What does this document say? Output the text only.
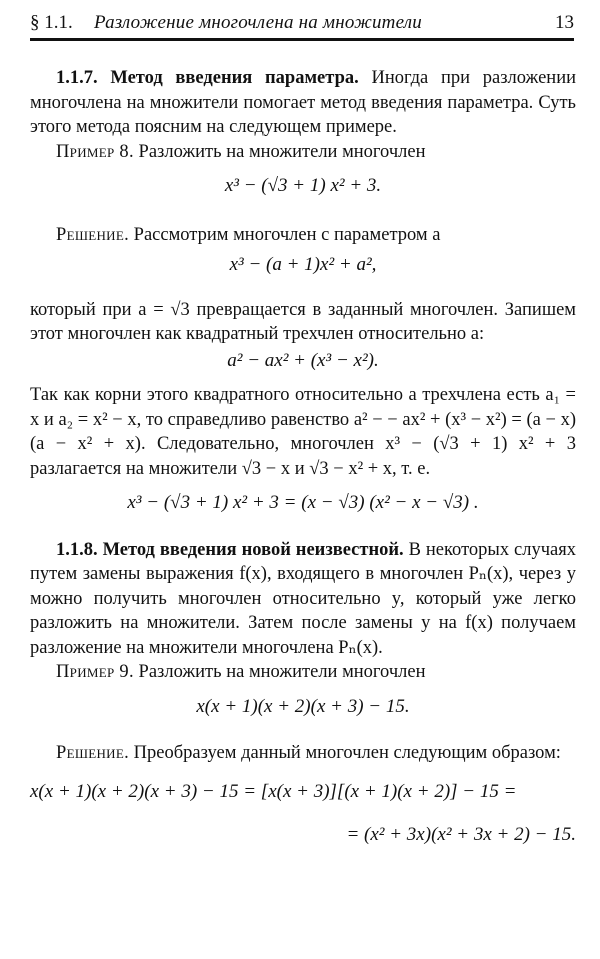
§ 1.1. Разложение многочлена на множители	13

1.1.7. Метод введения параметра. Иногда при разложении многочлена на множители помогает метод введения параметра. Суть этого метода поясним на следующем примере.

Пример 8. Разложить на множители многочлен

x³ − (√3 + 1) x² + 3.

Решение. Рассмотрим многочлен с параметром a

x³ − (a + 1)x² + a²,

который при a = √3 превращается в заданный многочлен. Запишем этот многочлен как квадратный трехчлен относительно a:

a² − ax² + (x³ − x²).

Так как корни этого квадратного относительно a трехчлена есть a₁ = x и a₂ = x² − x, то справедливо равенство a² − − ax² + (x³ − x²) = (a − x)(a − x² + x). Следовательно, многочлен x³ − (√3 + 1) x² + 3 разлагается на множители √3 − x и √3 − x² + x, т. е.

x³ − (√3 + 1) x² + 3 = (x − √3) (x² − x − √3) .

1.1.8. Метод введения новой неизвестной. В некоторых случаях путем замены выражения f(x), входящего в многочлен Pₙ(x), через y можно получить многочлен относительно y, который уже легко разложить на множители. Затем после замены y на f(x) получаем разложение на множители многочлена Pₙ(x).

Пример 9. Разложить на множители многочлен

x(x + 1)(x + 2)(x + 3) − 15.

Решение. Преобразуем данный многочлен следующим образом:

x(x + 1)(x + 2)(x + 3) − 15 = [x(x + 3)][(x + 1)(x + 2)] − 15 =

= (x² + 3x)(x² + 3x + 2) − 15.
